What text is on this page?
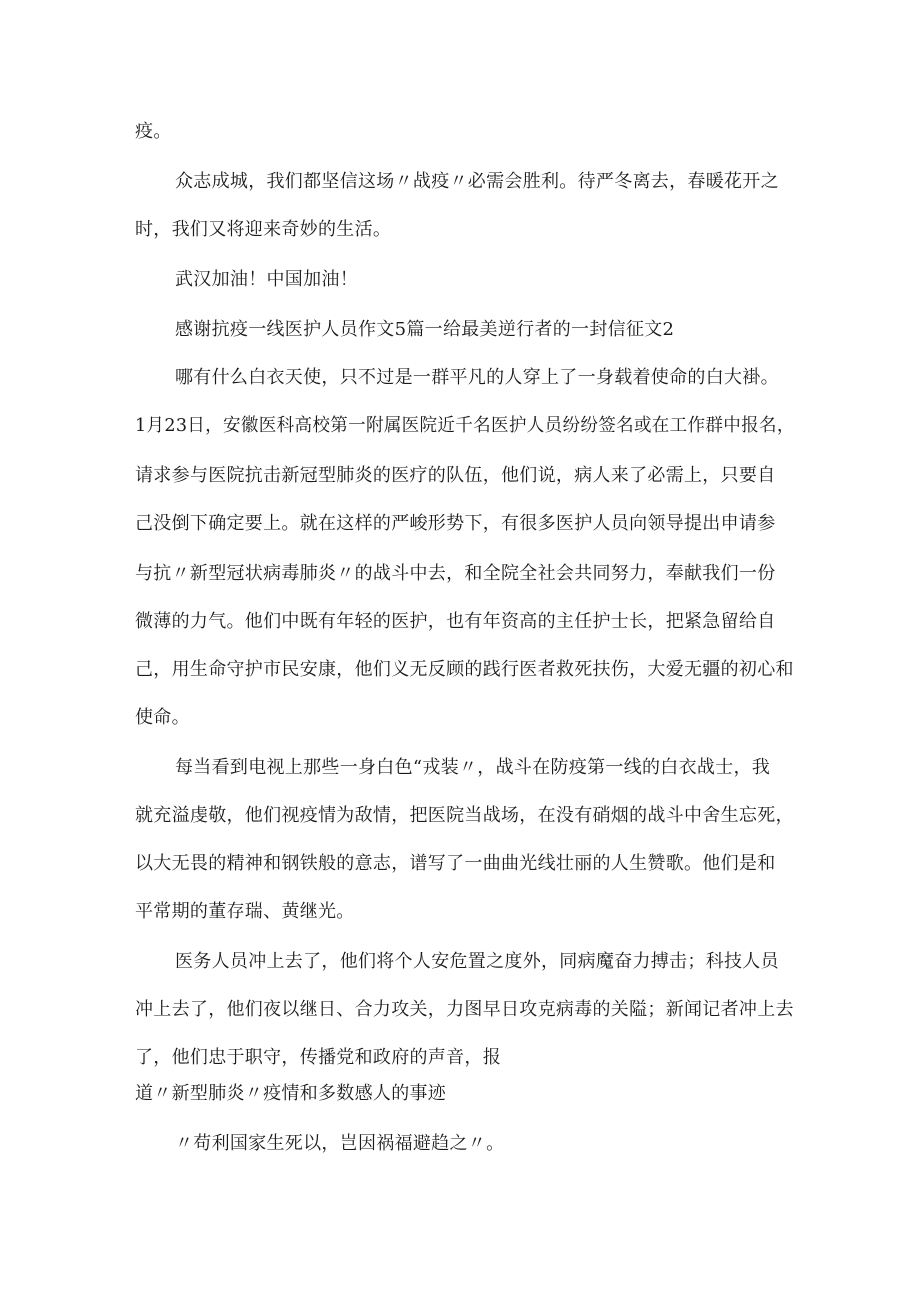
疫。
众志成城，我们都坚信这场〃战疫〃必需会胜利。待严冬离去，春暖花开之
时，我们又将迎来奇妙的生活。
武汉加油！中国加油！
感谢抗疫一线医护人员作文5篇一给最美逆行者的一封信征文2
哪有什么白衣天使，只不过是一群平凡的人穿上了一身载着使命的白大褂。
1月23日，安徽医科高校第一附属医院近千名医护人员纷纷签名或在工作群中报名，
请求参与医院抗击新冠型肺炎的医疗的队伍，他们说，病人来了必需上，只要自
己没倒下确定要上。就在这样的严峻形势下，有很多医护人员向领导提出申请参
与抗〃新型冠状病毒肺炎〃的战斗中去，和全院全社会共同努力，奉献我们一份
微薄的力气。他们中既有年轻的医护，也有年资高的主任护士长，把紧急留给自
己，用生命守护市民安康，他们义无反顾的践行医者救死扶伤，大爱无疆的初心和
使命。
每当看到电视上那些一身白色“戎装〃，战斗在防疫第一线的白衣战士，我
就充溢虔敬，他们视疫情为敌情，把医院当战场，在没有硝烟的战斗中舍生忘死，
以大无畏的精神和钢铁般的意志，谱写了一曲曲光线壮丽的人生赞歌。他们是和
平常期的董存瑞、黄继光。
医务人员冲上去了，他们将个人安危置之度外，同病魔奋力搏击；科技人员
冲上去了，他们夜以继日、合力攻关，力图早日攻克病毒的关隘；新闻记者冲上去
了，他们忠于职守，传播党和政府的声音，报
道〃新型肺炎〃疫情和多数感人的事迹
〃苟利国家生死以，岂因祸福避趋之〃。
